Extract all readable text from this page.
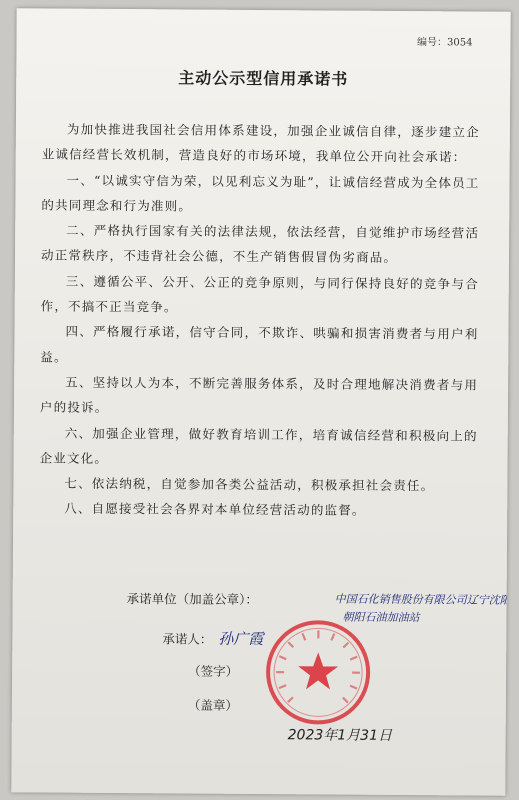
编号：3054
主动公示型信用承诺书

为加快推进我国社会信用体系建设，加强企业诚信自律，逐步建立企业诚信经营长效机制，营造良好的市场环境，我单位公开向社会承诺：

一、“以诚实守信为荣，以见利忘义为耻”，让诚信经营成为全体员工的共同理念和行为准则。

二、严格执行国家有关的法律法规，依法经营，自觉维护市场经营活动正常秩序，不违背社会公德，不生产销售假冒伪劣商品。

三、遵循公平、公开、公正的竞争原则，与同行保持良好的竞争与合作，不搞不正当竞争。

四、严格履行承诺，信守合同，不欺诈、哄骗和损害消费者与用户利益。

五、坚持以人为本，不断完善服务体系，及时合理地解决消费者与用户的投诉。

六、加强企业管理，做好教育培训工作，培育诚信经营和积极向上的企业文化。

七、依法纳税，自觉参加各类公益活动，积极承担社会责任。

八、自愿接受社会各界对本单位经营活动的监督。

承诺单位（加盖公章）：	中国石化销售股份有限公司辽宁沈阳
朝阳石油加油站
承诺人： 孙广霞
（签字）
（盖章）
2023年1月31日
